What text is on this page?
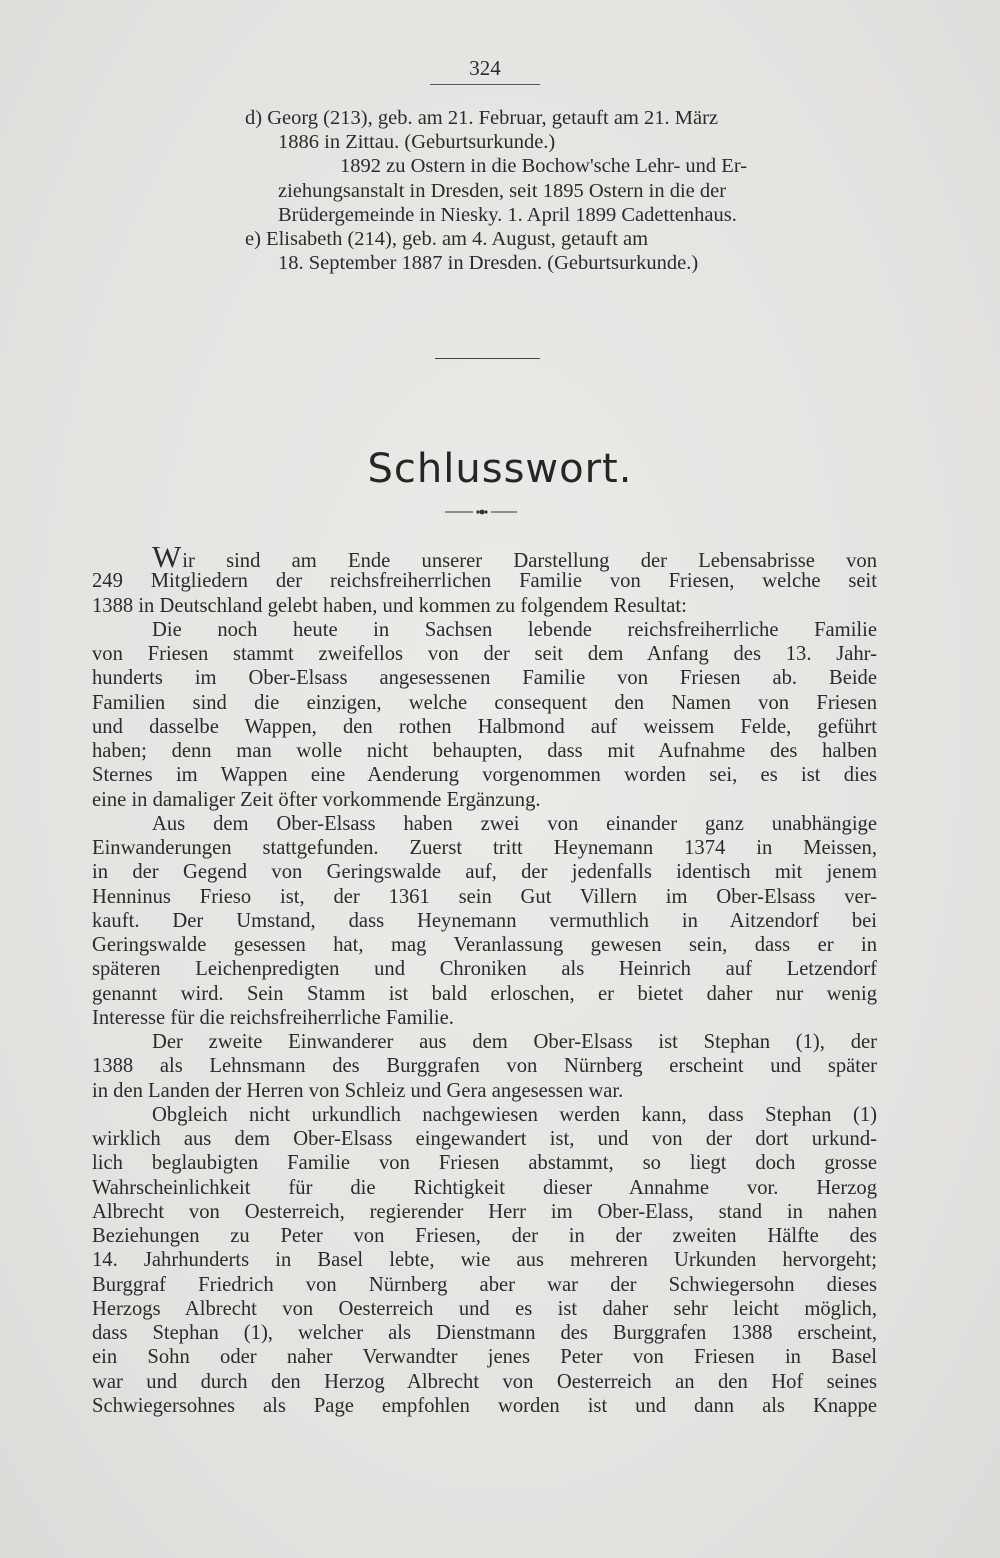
324
d) Georg (213), geb. am 21. Februar, getauft am 21. März
1886 in Zittau. (Geburtsurkunde.)
1892 zu Ostern in die Bochow'sche Lehr- und Er-
ziehungsanstalt in Dresden, seit 1895 Ostern in die der
Brüdergemeinde in Niesky. 1. April 1899 Cadettenhaus.
e) Elisabeth (214), geb. am 4. August, getauft am
18. September 1887 in Dresden. (Geburtsurkunde.)
Schlusswort.
Wir sind am Ende unserer Darstellung der Lebensabrisse von
249 Mitgliedern der reichsfreiherrlichen Familie von Friesen, welche seit
1388 in Deutschland gelebt haben, und kommen zu folgendem Resultat:
Die noch heute in Sachsen lebende reichsfreiherrliche Familie
von Friesen stammt zweifellos von der seit dem Anfang des 13. Jahr-
hunderts im Ober-Elsass angesessenen Familie von Friesen ab. Beide
Familien sind die einzigen, welche consequent den Namen von Friesen
und dasselbe Wappen, den rothen Halbmond auf weissem Felde, geführt
haben; denn man wolle nicht behaupten, dass mit Aufnahme des halben
Sternes im Wappen eine Aenderung vorgenommen worden sei, es ist dies
eine in damaliger Zeit öfter vorkommende Ergänzung.
Aus dem Ober-Elsass haben zwei von einander ganz unabhängige
Einwanderungen stattgefunden. Zuerst tritt Heynemann 1374 in Meissen,
in der Gegend von Geringswalde auf, der jedenfalls identisch mit jenem
Henninus Frieso ist, der 1361 sein Gut Villern im Ober-Elsass ver-
kauft. Der Umstand, dass Heynemann vermuthlich in Aitzendorf bei
Geringswalde gesessen hat, mag Veranlassung gewesen sein, dass er in
späteren Leichenpredigten und Chroniken als Heinrich auf Letzendorf
genannt wird. Sein Stamm ist bald erloschen, er bietet daher nur wenig
Interesse für die reichsfreiherrliche Familie.
Der zweite Einwanderer aus dem Ober-Elsass ist Stephan (1), der
1388 als Lehnsmann des Burggrafen von Nürnberg erscheint und später
in den Landen der Herren von Schleiz und Gera angesessen war.
Obgleich nicht urkundlich nachgewiesen werden kann, dass Stephan (1)
wirklich aus dem Ober-Elsass eingewandert ist, und von der dort urkund-
lich beglaubigten Familie von Friesen abstammt, so liegt doch grosse
Wahrscheinlichkeit für die Richtigkeit dieser Annahme vor. Herzog
Albrecht von Oesterreich, regierender Herr im Ober-Elass, stand in nahen
Beziehungen zu Peter von Friesen, der in der zweiten Hälfte des
14. Jahrhunderts in Basel lebte, wie aus mehreren Urkunden hervorgeht;
Burggraf Friedrich von Nürnberg aber war der Schwiegersohn dieses
Herzogs Albrecht von Oesterreich und es ist daher sehr leicht möglich,
dass Stephan (1), welcher als Dienstmann des Burggrafen 1388 erscheint,
ein Sohn oder naher Verwandter jenes Peter von Friesen in Basel
war und durch den Herzog Albrecht von Oesterreich an den Hof seines
Schwiegersohnes als Page empfohlen worden ist und dann als Knappe
